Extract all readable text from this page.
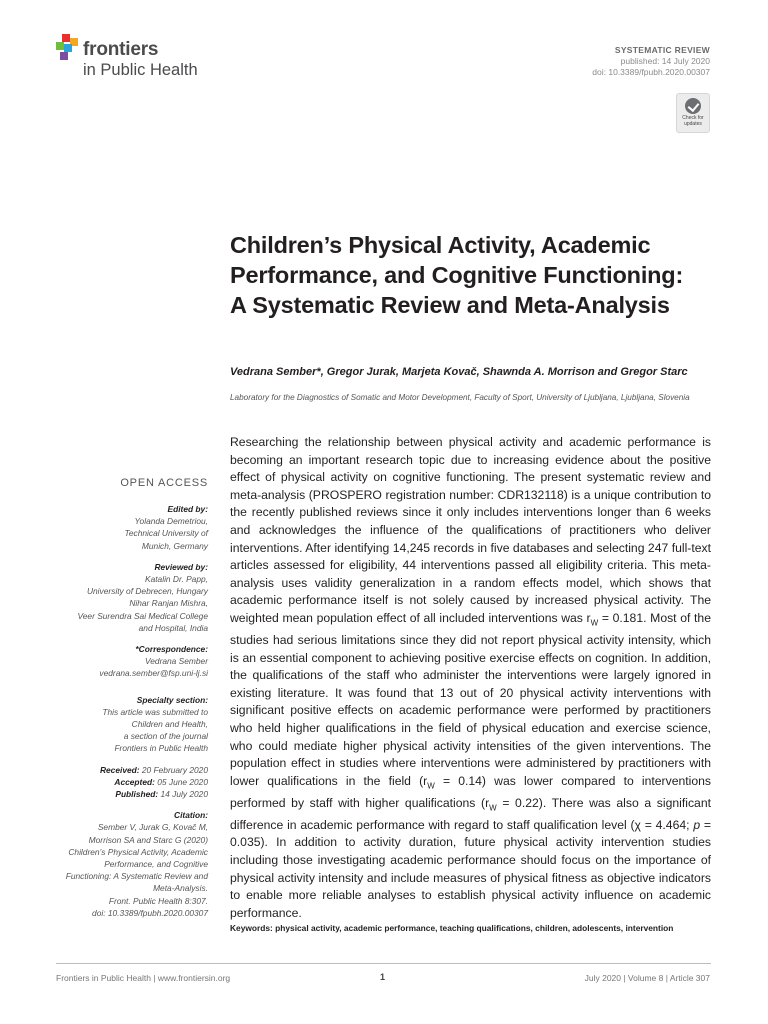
frontiers
in Public Health
SYSTEMATIC REVIEW
published: 14 July 2020
doi: 10.3389/fpubh.2020.00307
Check for
updates
Children’s Physical Activity, Academic Performance, and Cognitive Functioning: A Systematic Review and Meta-Analysis
Vedrana Sember*, Gregor Jurak, Marjeta Kovač, Shawnda A. Morrison and Gregor Starc
Laboratory for the Diagnostics of Somatic and Motor Development, Faculty of Sport, University of Ljubljana, Ljubljana, Slovenia
OPEN ACCESS
Edited by:
Yolanda Demetriou,
Technical University of
Munich, Germany
Reviewed by:
Katalin Dr. Papp,
University of Debrecen, Hungary
Nihar Ranjan Mishra,
Veer Surendra Sai Medical College
and Hospital, India
*Correspondence:
Vedrana Sember
vedrana.sember@fsp.uni-lj.si
Specialty section:
This article was submitted to
Children and Health,
a section of the journal
Frontiers in Public Health
Received: 20 February 2020
Accepted: 05 June 2020
Published: 14 July 2020
Citation:
Sember V, Jurak G, Kovač M,
Morrison SA and Starc G (2020)
Children’s Physical Activity, Academic
Performance, and Cognitive
Functioning: A Systematic Review and
Meta-Analysis.
Front. Public Health 8:307.
doi: 10.3389/fpubh.2020.00307

Researching the relationship between physical activity and academic performance is becoming an important research topic due to increasing evidence about the positive effect of physical activity on cognitive functioning. The present systematic review and meta-analysis (PROSPERO registration number: CDR132118) is a unique contribution to the recently published reviews since it only includes interventions longer than 6 weeks and acknowledges the influence of the qualifications of practitioners who deliver interventions. After identifying 14,245 records in five databases and selecting 247 full-text articles assessed for eligibility, 44 interventions passed all eligibility criteria. This meta-analysis uses validity generalization in a random effects model, which shows that academic performance itself is not solely caused by increased physical activity. The weighted mean population effect of all included interventions was $r_W = 0.181$. Most of the studies had serious limitations since they did not report physical activity intensity, which is an essential component to achieving positive exercise effects on cognition. In addition, the qualifications of the staff who administer the interventions were largely ignored in existing literature. It was found that 13 out of 20 physical activity interventions with significant positive effects on academic performance were performed by practitioners who held higher qualifications in the field of physical education and exercise science, who could mediate higher physical activity intensities of the given interventions. The population effect in studies where interventions were administered by practitioners with lower qualifications in the field $(r_W = 0.14)$ was lower compared to interventions performed by staff with higher qualifications $(r_W = 0.22)$. There was also a significant difference in academic performance with regard to staff qualification level (χ = 4.464; p = 0.035). In addition to activity duration, future physical activity intervention studies including those investigating academic performance should focus on the importance of physical activity intensity and include measures of physical fitness as objective indicators to enable more reliable analyses to establish physical activity influence on academic performance.

Keywords: physical activity, academic performance, teaching qualifications, children, adolescents, intervention
Frontiers in Public Health | www.frontiersin.org	1	July 2020 | Volume 8 | Article 307
